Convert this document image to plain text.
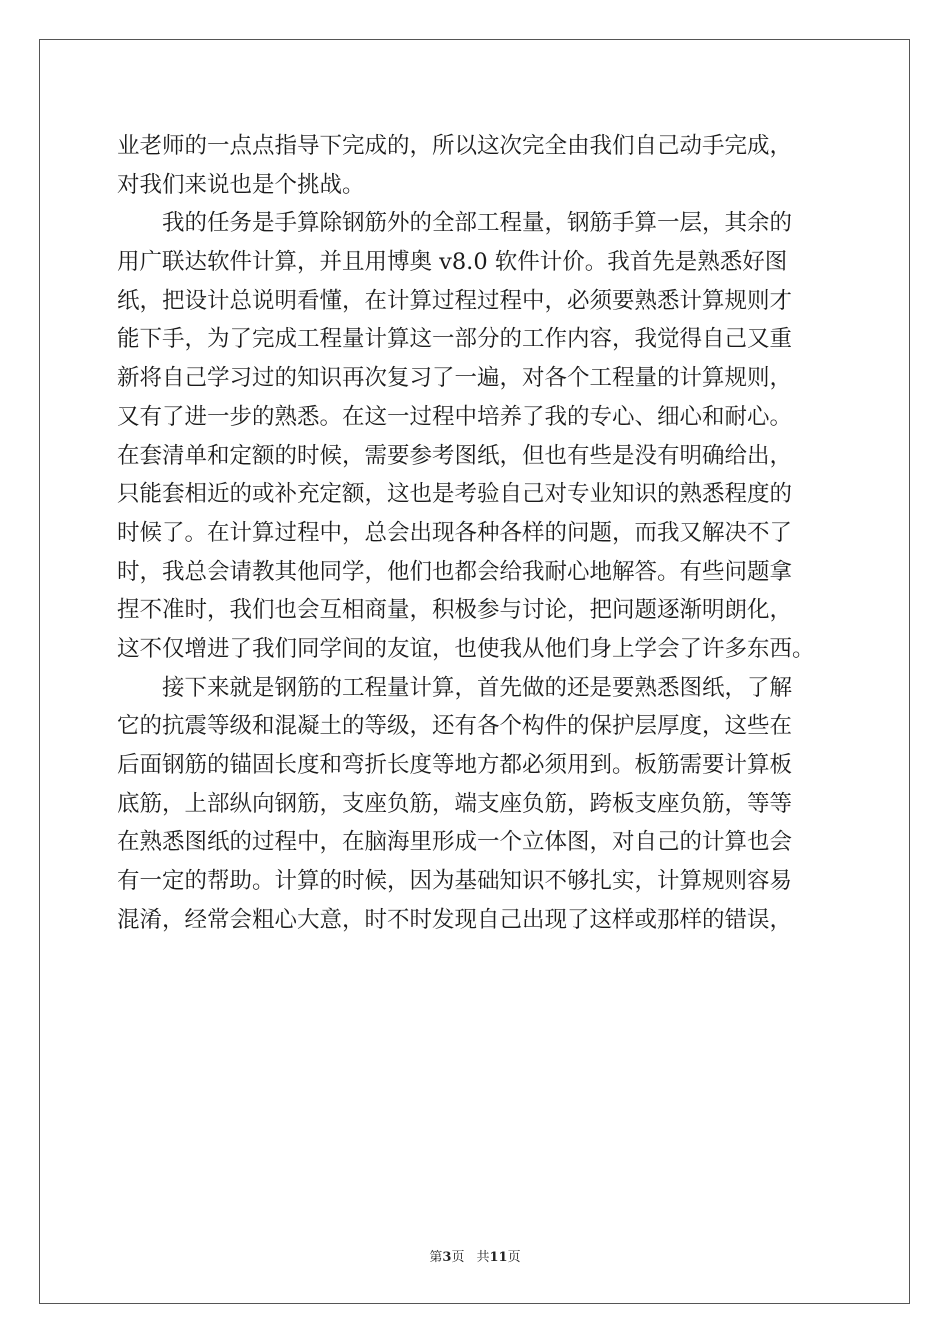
业老师的一点点指导下完成的，所以这次完全由我们自己动手完成，
对我们来说也是个挑战。
　　我的任务是手算除钢筋外的全部工程量，钢筋手算一层，其余的
用广联达软件计算，并且用博奥 v8.0 软件计价。我首先是熟悉好图
纸，把设计总说明看懂，在计算过程过程中，必须要熟悉计算规则才
能下手，为了完成工程量计算这一部分的工作内容，我觉得自己又重
新将自己学习过的知识再次复习了一遍，对各个工程量的计算规则，
又有了进一步的熟悉。在这一过程中培养了我的专心、细心和耐心。
在套清单和定额的时候，需要参考图纸，但也有些是没有明确给出，
只能套相近的或补充定额，这也是考验自己对专业知识的熟悉程度的
时候了。在计算过程中，总会出现各种各样的问题，而我又解决不了
时，我总会请教其他同学，他们也都会给我耐心地解答。有些问题拿
捏不准时，我们也会互相商量，积极参与讨论，把问题逐渐明朗化，
这不仅增进了我们同学间的友谊，也使我从他们身上学会了许多东西。
　　接下来就是钢筋的工程量计算，首先做的还是要熟悉图纸，了解
它的抗震等级和混凝土的等级，还有各个构件的保护层厚度，这些在
后面钢筋的锚固长度和弯折长度等地方都必须用到。板筋需要计算板
底筋，上部纵向钢筋，支座负筋，端支座负筋，跨板支座负筋，等等
在熟悉图纸的过程中，在脑海里形成一个立体图，对自己的计算也会
有一定的帮助。计算的时候，因为基础知识不够扎实，计算规则容易
混淆，经常会粗心大意，时不时发现自己出现了这样或那样的错误，
第3页 共11页
